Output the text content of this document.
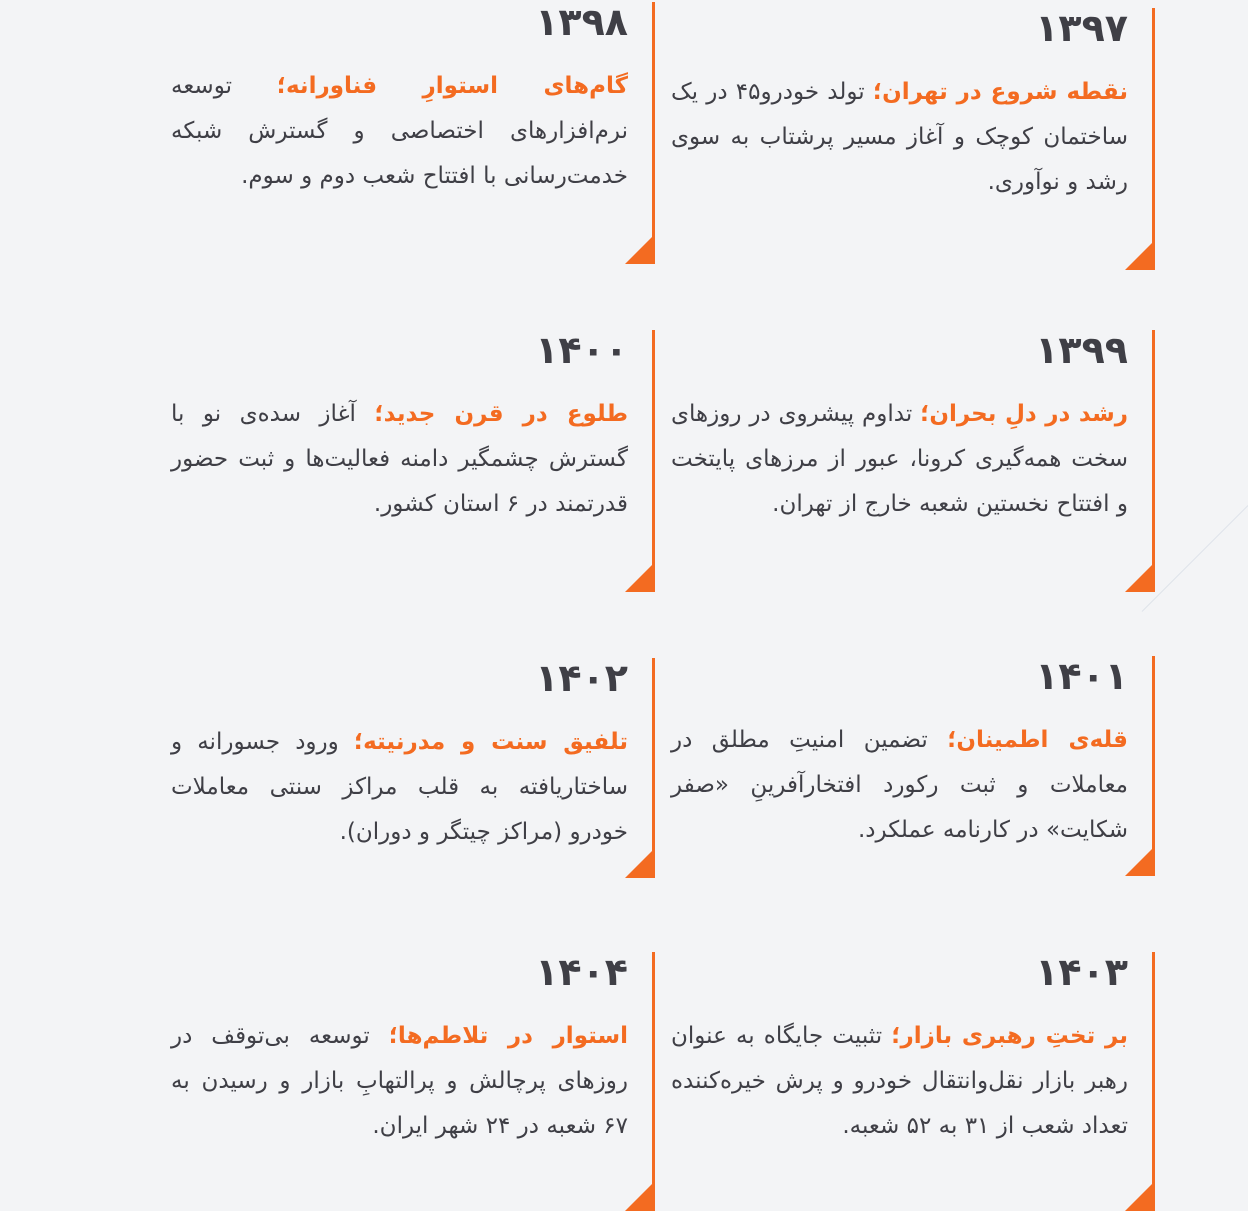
۱۳۹۷

نقطه شروع در تهران؛ تولد خودرو۴۵ در یک ساختمان کوچک و آغاز مسیر پرشتاب به سوی رشد و نوآوری.

۱۳۹۸

گام‌های استوارِ فناورانه؛ توسعه نرم‌افزارهای اختصاصی و گسترش شبکه خدمت‌رسانی با افتتاح شعب دوم و سوم.

۱۳۹۹

رشد در دلِ بحران؛ تداوم پیشروی در روزهای سخت همه‌گیری کرونا، عبور از مرزهای پایتخت و افتتاح نخستین شعبه خارج از تهران.

۱۴۰۰

طلوع در قرن جدید؛ آغاز سده‌ی نو با گسترش چشمگیر دامنه فعالیت‌ها و ثبت حضور قدرتمند در ۶ استان کشور.

۱۴۰۱

قله‌ی اطمینان؛ تضمین امنیتِ مطلق در معاملات و ثبت رکورد افتخارآفرینِ «صفر شکایت» در کارنامه عملکرد.

۱۴۰۲

تلفیق سنت و مدرنیته؛ ورود جسورانه و ساختاریافته به قلب مراکز سنتی معاملات خودرو (مراکز چیتگر و دوران).

۱۴۰۳

بر تختِ رهبری بازار؛ تثبیت جایگاه به عنوان رهبر بازار نقل‌وانتقال خودرو و پرش خیره‌کننده تعداد شعب از ۳۱ به ۵۲ شعبه.

۱۴۰۴

استوار در تلاطم‌ها؛ توسعه بی‌توقف در روزهای پرچالش و پرالتهابِ بازار و رسیدن به ۶۷ شعبه در ۲۴ شهر ایران.
